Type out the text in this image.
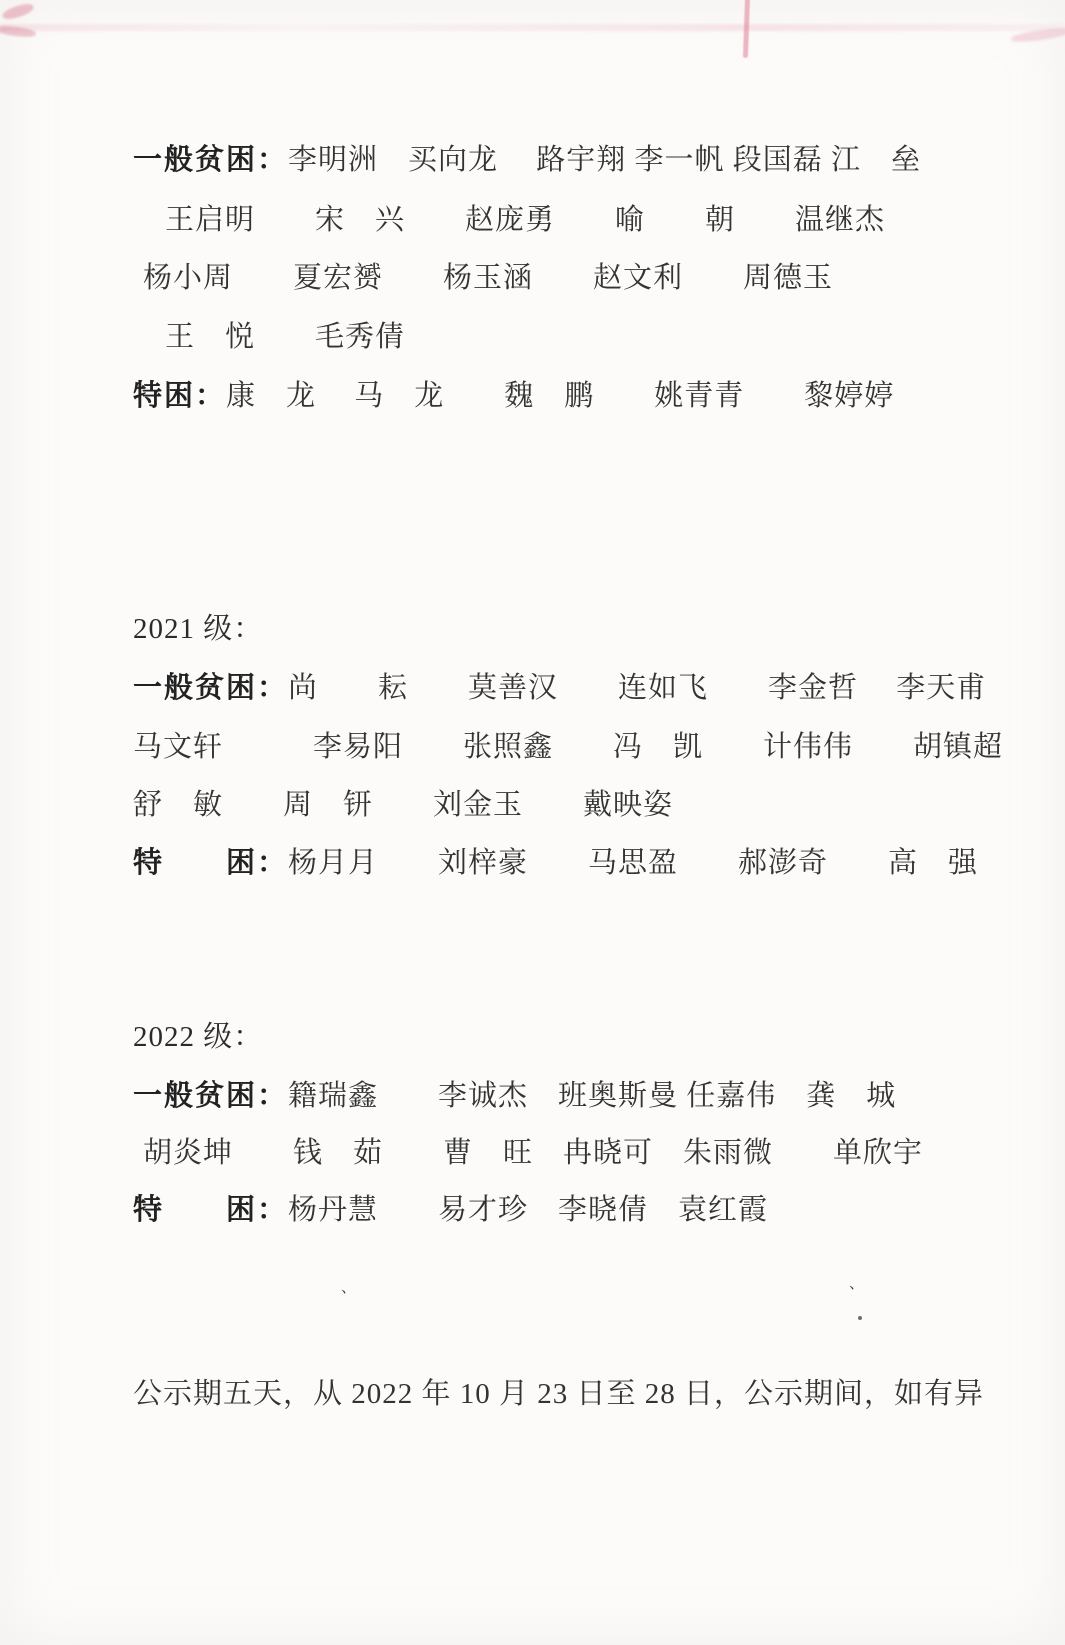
一般贫困：李明洲　买向龙　 路宇翔 李一帆 段国磊 江　垒
王启明　　宋　兴　　赵庞勇　　喻　　朝　　温继杰
杨小周　　夏宏赟　　杨玉涵　　赵文利　　周德玉
王　悦　　毛秀倩
特困：康　龙　 马　龙　　魏　鹏　　姚青青　　黎婷婷
2021 级：
一般贫困：尚　　耘　　莫善汉　　连如飞　　李金哲　 李天甫
马文轩　　　李易阳　　张照鑫　　冯　凯　　计伟伟　　胡镇超
舒　敏　　周　钘　　刘金玉　　戴映姿
特　　困：杨月月　　刘梓豪　　马思盈　　郝澎奇　　高　强
2022 级：
一般贫困：籍瑞鑫　　李诚杰　班奥斯曼 任嘉伟　龚　城
胡炎坤　　钱　茹　　曹　旺　冉晓可　朱雨微　　单欣宇
特　　困：杨丹慧　　易才珍　李晓倩　袁红霞
、	、
公示期五天，从 2022 年 10 月 23 日至 28 日，公示期间，如有异
